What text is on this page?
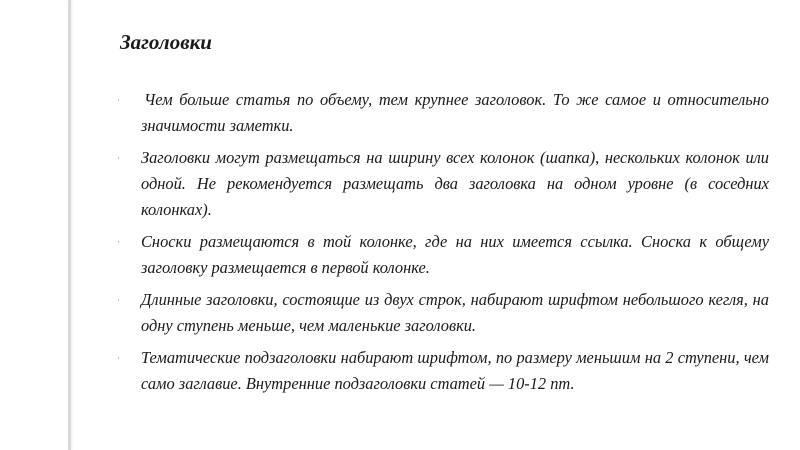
Заголовки
· Чем больше статья по объему, тем крупнее заголовок. То же самое и относительно значимости заметки.
· Заголовки могут размещаться на ширину всех колонок (шапка), нескольких колонок или одной. Не рекомендуется размещать два заголовка на одном уровне (в соседних колонках).
· Сноски размещаются в той колонке, где на них имеется ссылка. Сноска к общему заголовку размещается в первой колонке.
· Длинные заголовки, состоящие из двух строк, набирают шрифтом небольшого кегля, на одну ступень меньше, чем маленькие заголовки.
· Тематические подзаголовки набирают шрифтом, по размеру меньшим на 2 ступени, чем само заглавие. Внутренние подзаголовки статей — 10-12 пт.
